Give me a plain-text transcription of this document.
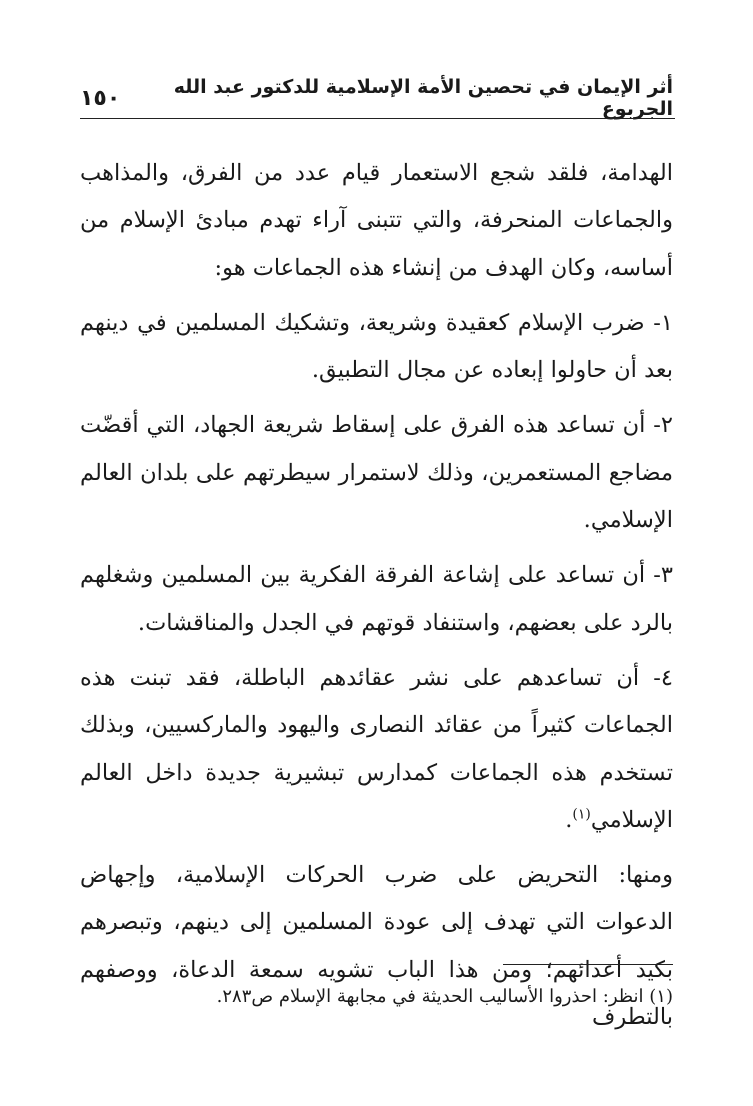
أثر الإيمان في تحصين الأمة الإسلامية للدكتور عبد الله الجربوع
١٥٠

الهدامة، فلقد شجع الاستعمار قيام عدد من الفرق، والمذاهب والجماعات المنحرفة، والتي تتبنى آراء تهدم مبادئ الإسلام من أساسه، وكان الهدف من إنشاء هذه الجماعات هو:

١- ضرب الإسلام كعقيدة وشريعة، وتشكيك المسلمين في دينهم بعد أن حاولوا إبعاده عن مجال التطبيق.

٢- أن تساعد هذه الفرق على إسقاط شريعة الجهاد، التي أقضّت مضاجع المستعمرين، وذلك لاستمرار سيطرتهم على بلدان العالم الإسلامي.

٣- أن تساعد على إشاعة الفرقة الفكرية بين المسلمين وشغلهم بالرد على بعضهم، واستنفاد قوتهم في الجدل والمناقشات.

٤- أن تساعدهم على نشر عقائدهم الباطلة، فقد تبنت هذه الجماعات كثيراً من عقائد النصارى واليهود والماركسيين، وبذلك تستخدم هذه الجماعات كمدارس تبشيرية جديدة داخل العالم الإسلامي$^{(١)}$.

ومنها: التحريض على ضرب الحركات الإسلامية، وإجهاض الدعوات التي تهدف إلى عودة المسلمين إلى دينهم، وتبصرهم بكيد أعدائهم؛ ومن هذا الباب تشويه سمعة الدعاة، ووصفهم بالتطرف

(١) انظر: احذروا الأساليب الحديثة في مجابهة الإسلام ص٢٨٣.
